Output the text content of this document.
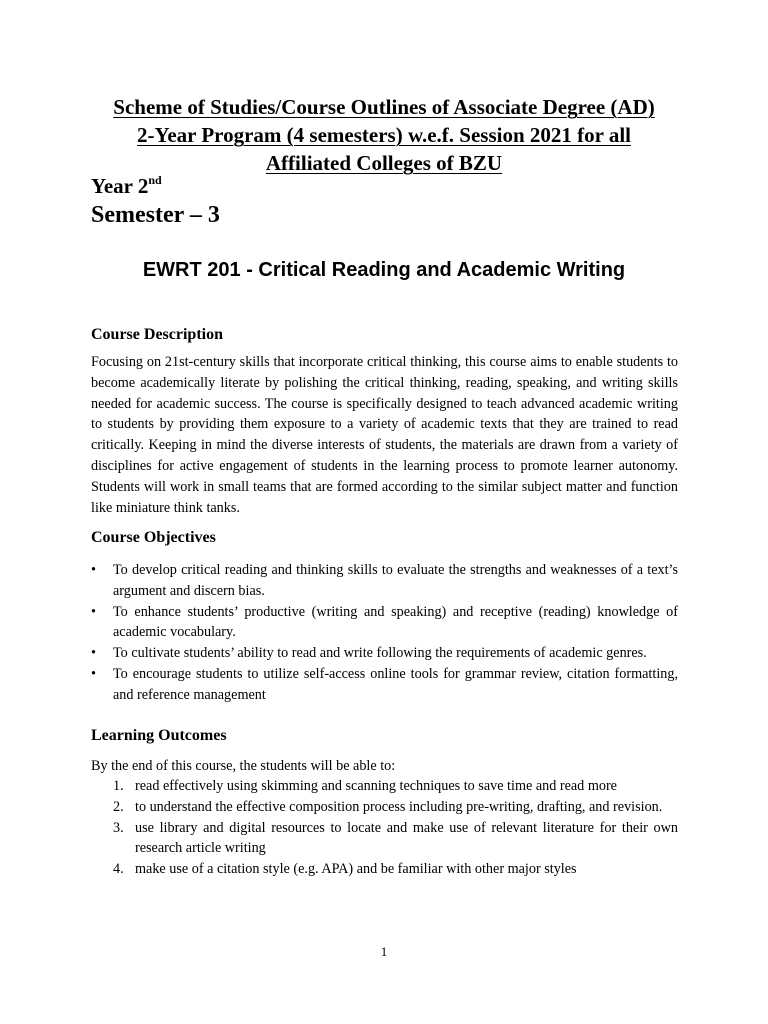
Scheme of Studies/Course Outlines of Associate Degree (AD)
2-Year Program (4 semesters) w.e.f. Session 2021 for all
Affiliated Colleges of BZU
Year 2nd
Semester – 3
EWRT 201 - Critical Reading and Academic Writing
Course Description

Focusing on 21st-century skills that incorporate critical thinking, this course aims to enable students to become academically literate by polishing the critical thinking, reading, speaking, and writing skills needed for academic success. The course is specifically designed to teach advanced academic writing to students by providing them exposure to a variety of academic texts that they are trained to read critically. Keeping in mind the diverse interests of students, the materials are drawn from a variety of disciplines for active engagement of students in the learning process to promote learner autonomy. Students will work in small teams that are formed according to the similar subject matter and function like miniature think tanks.

Course Objectives
• To develop critical reading and thinking skills to evaluate the strengths and weaknesses of a text’s argument and discern bias.
• To enhance students’ productive (writing and speaking) and receptive (reading) knowledge of academic vocabulary.
• To cultivate students’ ability to read and write following the requirements of academic genres.
• To encourage students to utilize self-access online tools for grammar review, citation formatting, and reference management
Learning Outcomes
By the end of this course, the students will be able to:
1. read effectively using skimming and scanning techniques to save time and read more
2. to understand the effective composition process including pre-writing, drafting, and revision.
3. use library and digital resources to locate and make use of relevant literature for their own research article writing
4. make use of a citation style (e.g. APA) and be familiar with other major styles
1
